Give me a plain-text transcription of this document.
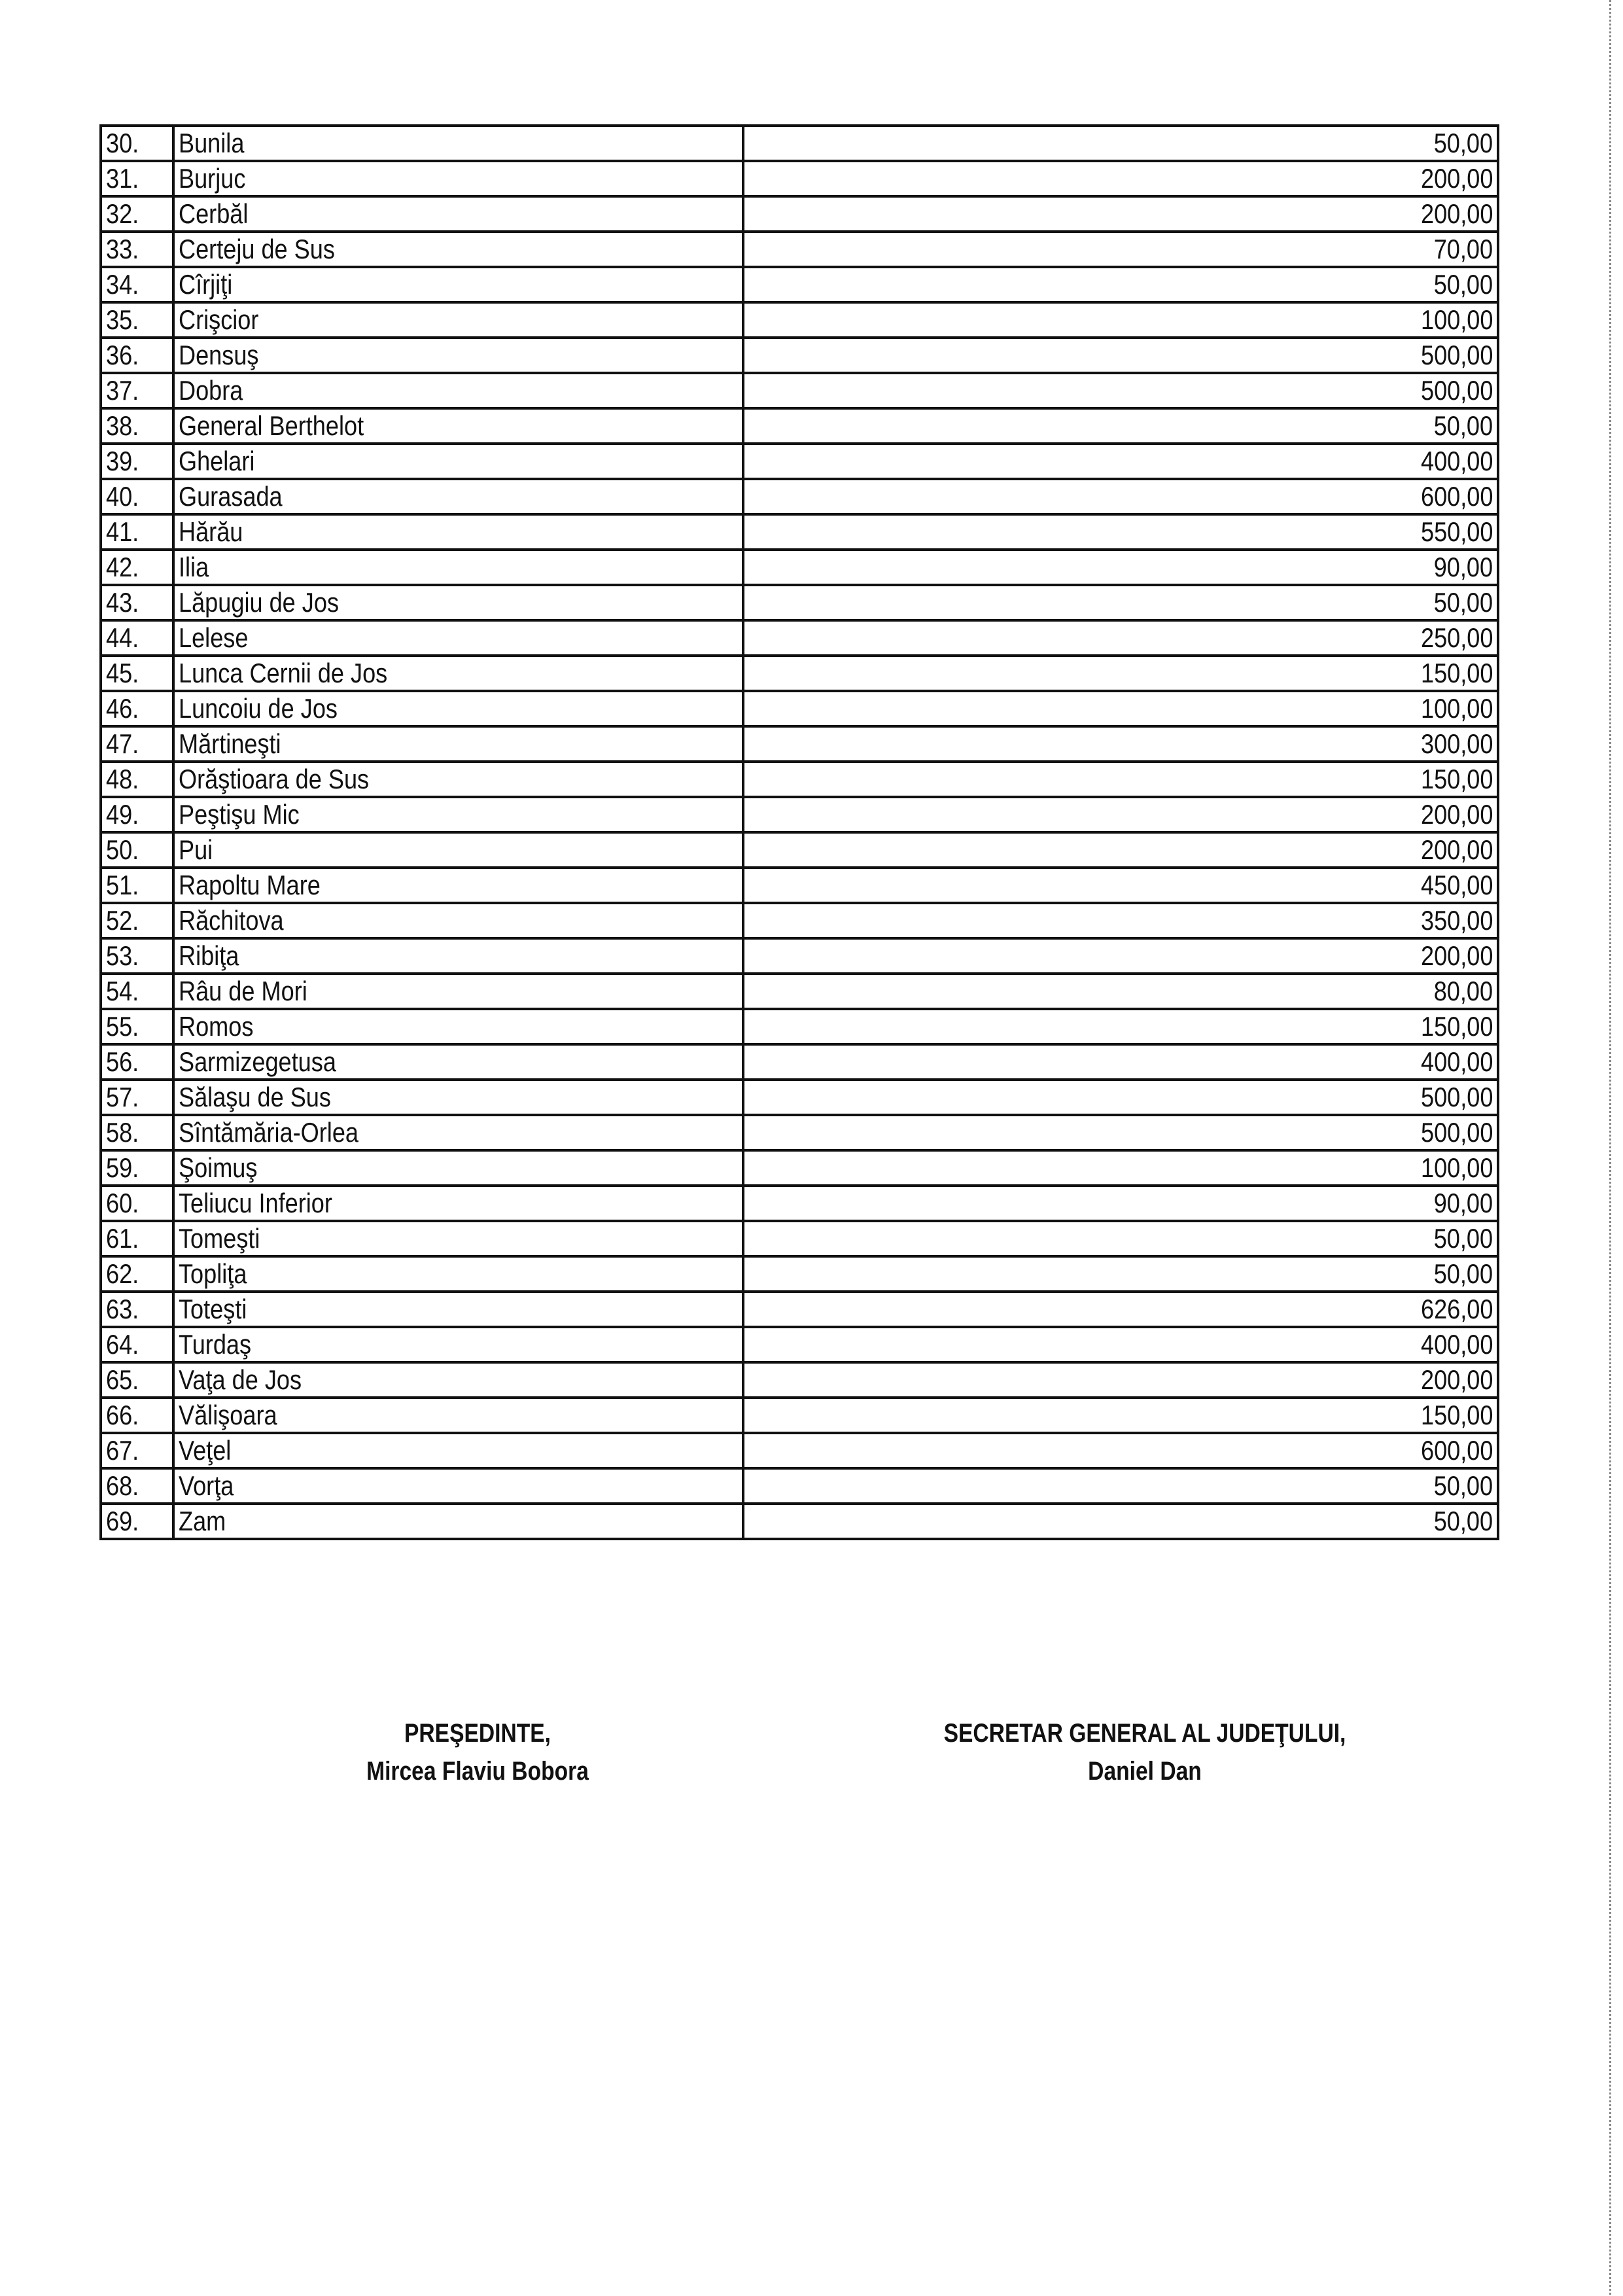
30.	Bunila	50,00
31.	Burjuc	200,00
32.	Cerbăl	200,00
33.	Certeju de Sus	70,00
34.	Cîrjiţi	50,00
35.	Crişcior	100,00
36.	Densuş	500,00
37.	Dobra	500,00
38.	General Berthelot	50,00
39.	Ghelari	400,00
40.	Gurasada	600,00
41.	Hărău	550,00
42.	Ilia	90,00
43.	Lăpugiu de Jos	50,00
44.	Lelese	250,00
45.	Lunca Cernii de Jos	150,00
46.	Luncoiu de Jos	100,00
47.	Mărtineşti	300,00
48.	Orăştioara de Sus	150,00
49.	Peştişu Mic	200,00
50.	Pui	200,00
51.	Rapoltu Mare	450,00
52.	Răchitova	350,00
53.	Ribiţa	200,00
54.	Râu de Mori	80,00
55.	Romos	150,00
56.	Sarmizegetusa	400,00
57.	Sălaşu de Sus	500,00
58.	Sîntămăria-Orlea	500,00
59.	Şoimuş	100,00
60.	Teliucu Inferior	90,00
61.	Tomeşti	50,00
62.	Topliţa	50,00
63.	Toteşti	626,00
64.	Turdaş	400,00
65.	Vaţa de Jos	200,00
66.	Vălişoara	150,00
67.	Veţel	600,00
68.	Vorţa	50,00
69.	Zam	50,00
PREŞEDINTE,
Mircea Flaviu Bobora
SECRETAR GENERAL AL JUDEŢULUI,
Daniel Dan
